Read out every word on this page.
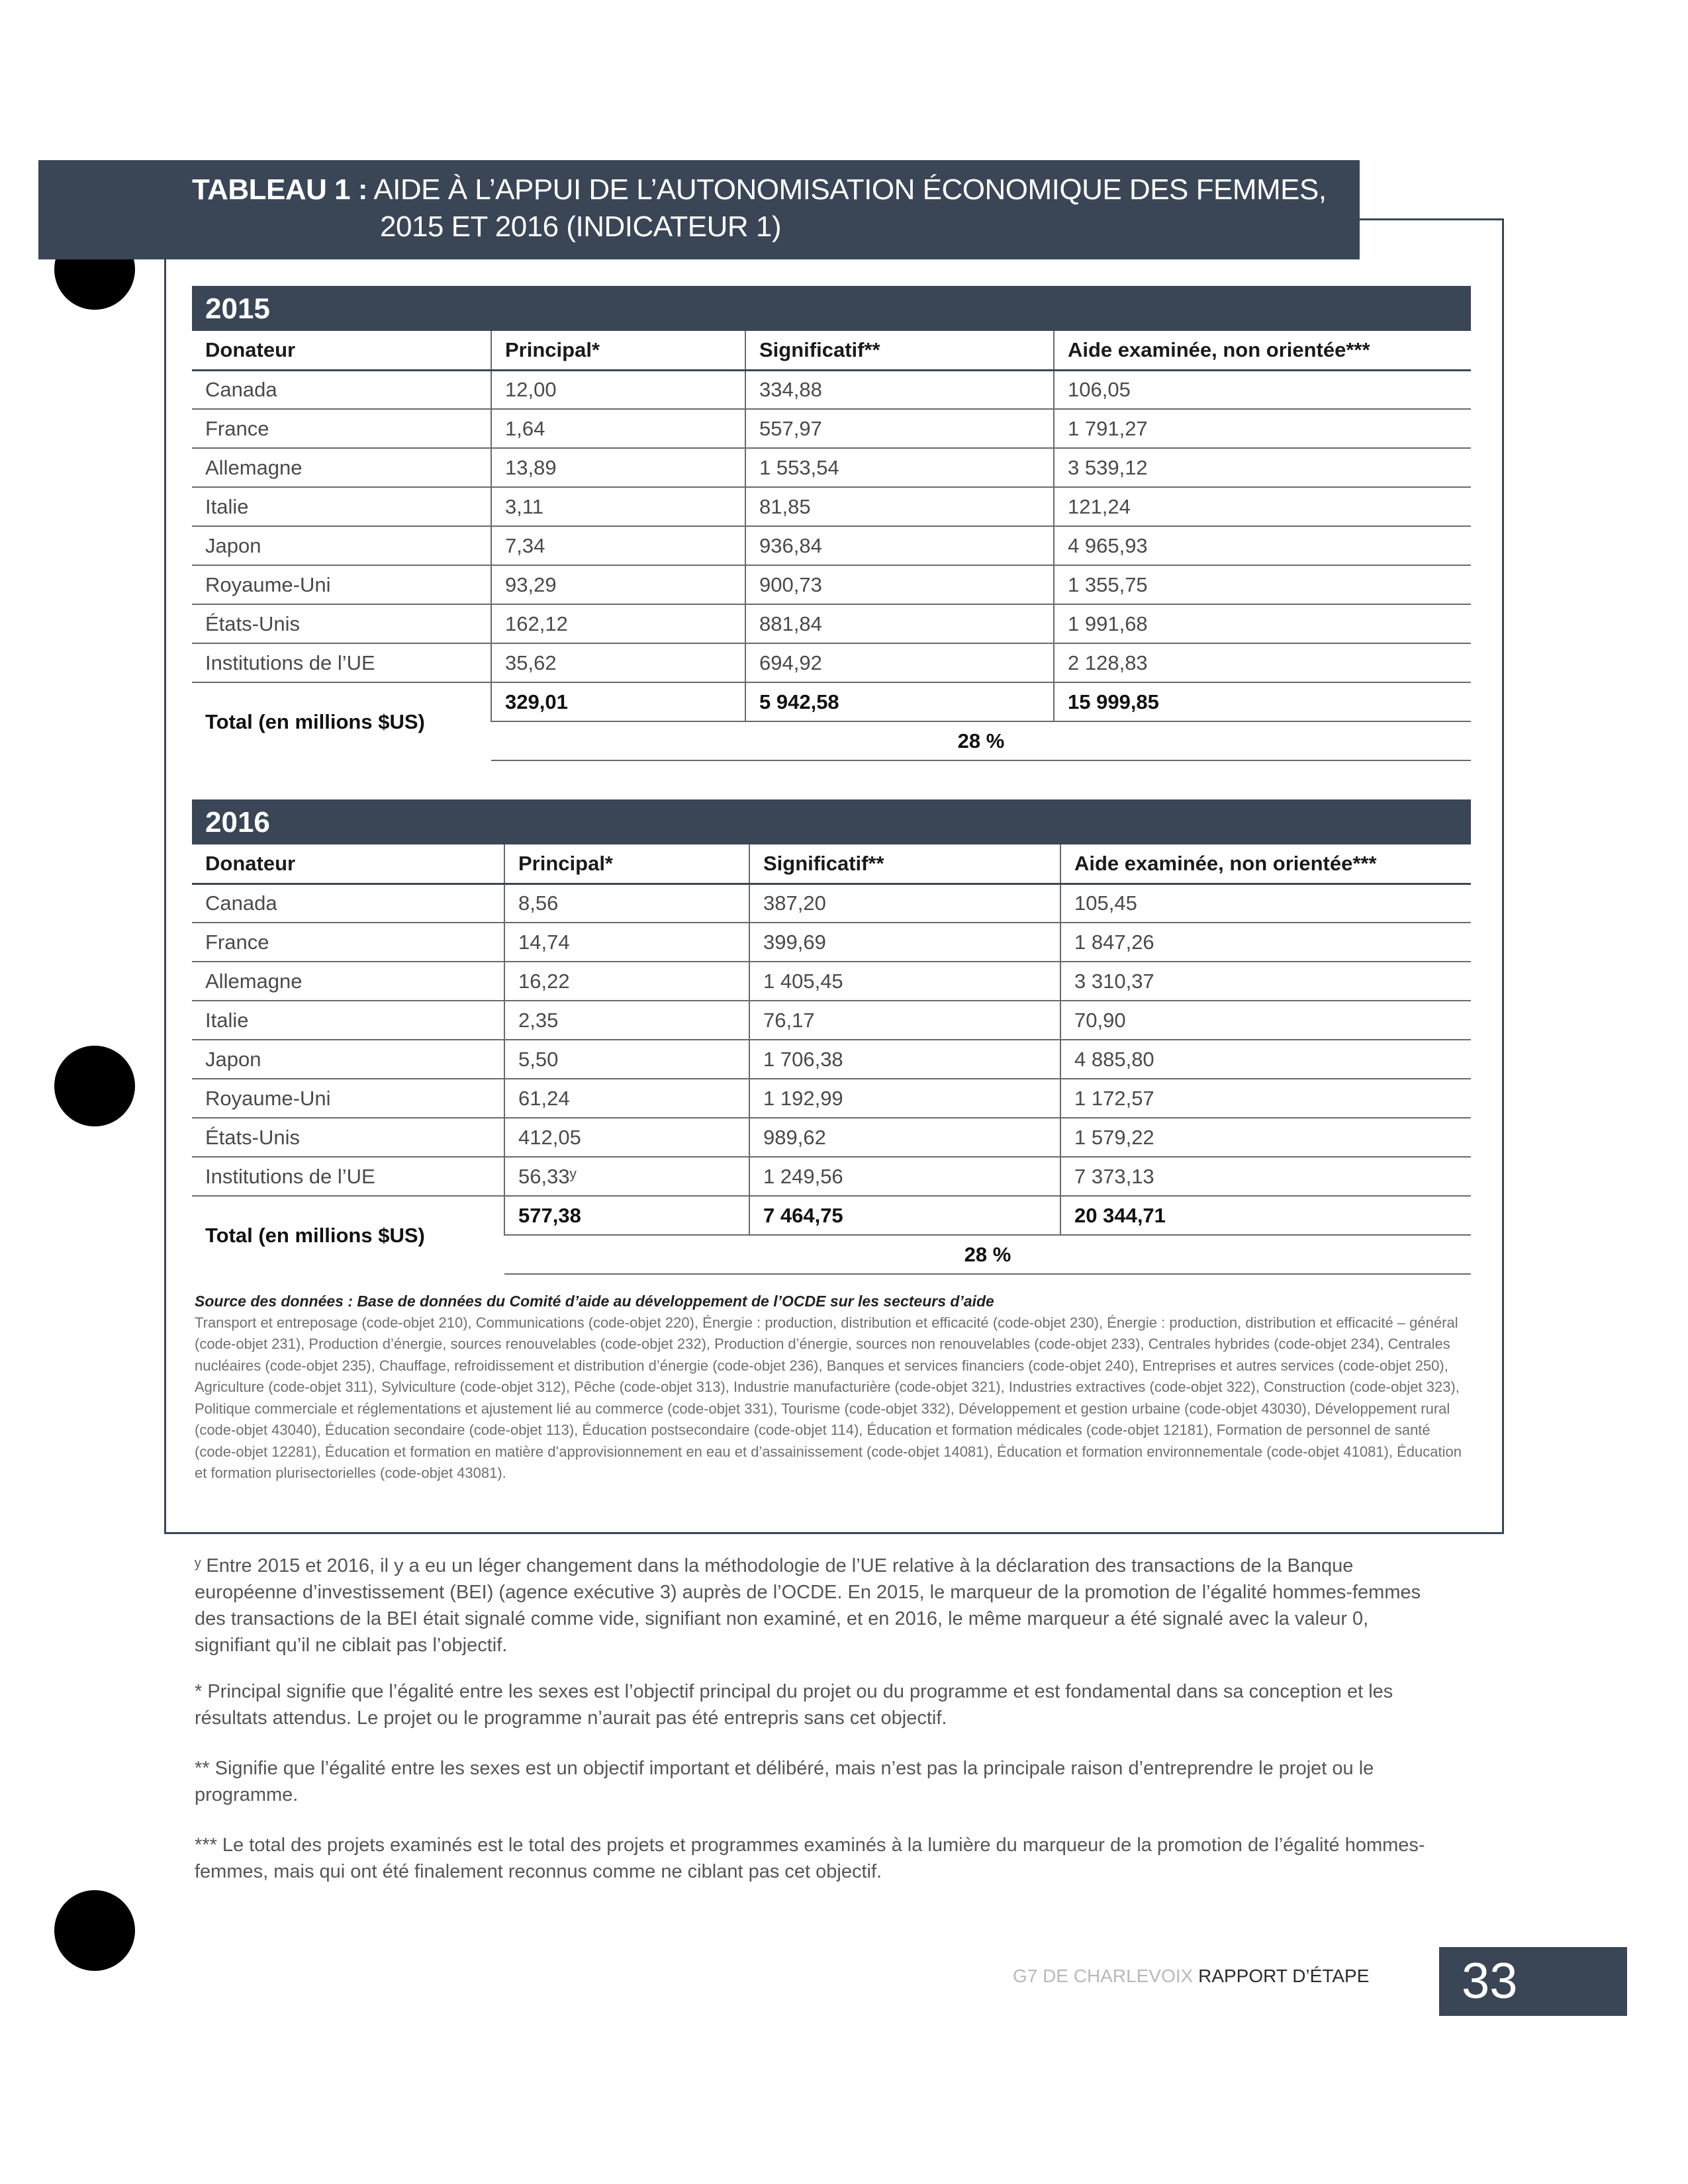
TABLEAU 1 : AIDE À L’APPUI DE L’AUTONOMISATION ÉCONOMIQUE DES FEMMES,
2015 ET 2016 (INDICATEUR 1)
2015
Donateur	Principal*	Significatif**	Aide examinée, non orientée***
Canada	12,00	334,88	106,05
France	1,64	557,97	1 791,27
Allemagne	13,89	1 553,54	3 539,12
Italie	3,11	81,85	121,24
Japon	7,34	936,84	4 965,93
Royaume-Uni	93,29	900,73	1 355,75
États-Unis	162,12	881,84	1 991,68
Institutions de l’UE	35,62	694,92	2 128,83
Total (en millions $US)	329,01	5 942,58	15 999,85
	28 %		
2016
Donateur	Principal*	Significatif**	Aide examinée, non orientée***
Canada	8,56	387,20	105,45
France	14,74	399,69	1 847,26
Allemagne	16,22	1 405,45	3 310,37
Italie	2,35	76,17	70,90
Japon	5,50	1 706,38	4 885,80
Royaume-Uni	61,24	1 192,99	1 172,57
États-Unis	412,05	989,62	1 579,22
Institutions de l’UE	56,33ʸ	1 249,56	7 373,13
Total (en millions $US)	577,38	7 464,75	20 344,71
	28 %		
Source des données : Base de données du Comité d’aide au développement de l’OCDE sur les secteurs d’aide
Transport et entreposage (code-objet 210), Communications (code-objet 220), Énergie : production, distribution et efficacité (code-objet 230), Énergie : production, distribution et efficacité – général (code-objet 231), Production d’énergie, sources renouvelables (code-objet 232), Production d’énergie, sources non renouvelables (code-objet 233), Centrales hybrides (code-objet 234), Centrales nucléaires (code-objet 235), Chauffage, refroidissement et distribution d’énergie (code-objet 236), Banques et services financiers (code-objet 240), Entreprises et autres services (code-objet 250), Agriculture (code-objet 311), Sylviculture (code-objet 312), Pêche (code-objet 313), Industrie manufacturière (code-objet 321), Industries extractives (code-objet 322), Construction (code-objet 323), Politique commerciale et réglementations et ajustement lié au commerce (code-objet 331), Tourisme (code-objet 332), Développement et gestion urbaine (code-objet 43030), Développement rural (code-objet 43040), Éducation secondaire (code-objet 113), Éducation postsecondaire (code-objet 114), Éducation et formation médicales (code-objet 12181), Formation de personnel de santé (code-objet 12281), Éducation et formation en matière d’approvisionnement en eau et d’assainissement (code-objet 14081), Éducation et formation environnementale (code-objet 41081), Éducation et formation plurisectorielles (code-objet 43081).
ʸ Entre 2015 et 2016, il y a eu un léger changement dans la méthodologie de l’UE relative à la déclaration des transactions de la Banque européenne d’investissement (BEI) (agence exécutive 3) auprès de l’OCDE. En 2015, le marqueur de la promotion de l’égalité hommes-femmes des transactions de la BEI était signalé comme vide, signifiant non examiné, et en 2016, le même marqueur a été signalé avec la valeur 0, signifiant qu’il ne ciblait pas l’objectif.
* Principal signifie que l’égalité entre les sexes est l’objectif principal du projet ou du programme et est fondamental dans sa conception et les résultats attendus. Le projet ou le programme n’aurait pas été entrepris sans cet objectif.
** Signifie que l’égalité entre les sexes est un objectif important et délibéré, mais n’est pas la principale raison d’entreprendre le projet ou le programme.
*** Le total des projets examinés est le total des projets et programmes examinés à la lumière du marqueur de la promotion de l’égalité hommes-femmes, mais qui ont été finalement reconnus comme ne ciblant pas cet objectif.
G7 DE CHARLEVOIX RAPPORT D’ÉTAPE	33
